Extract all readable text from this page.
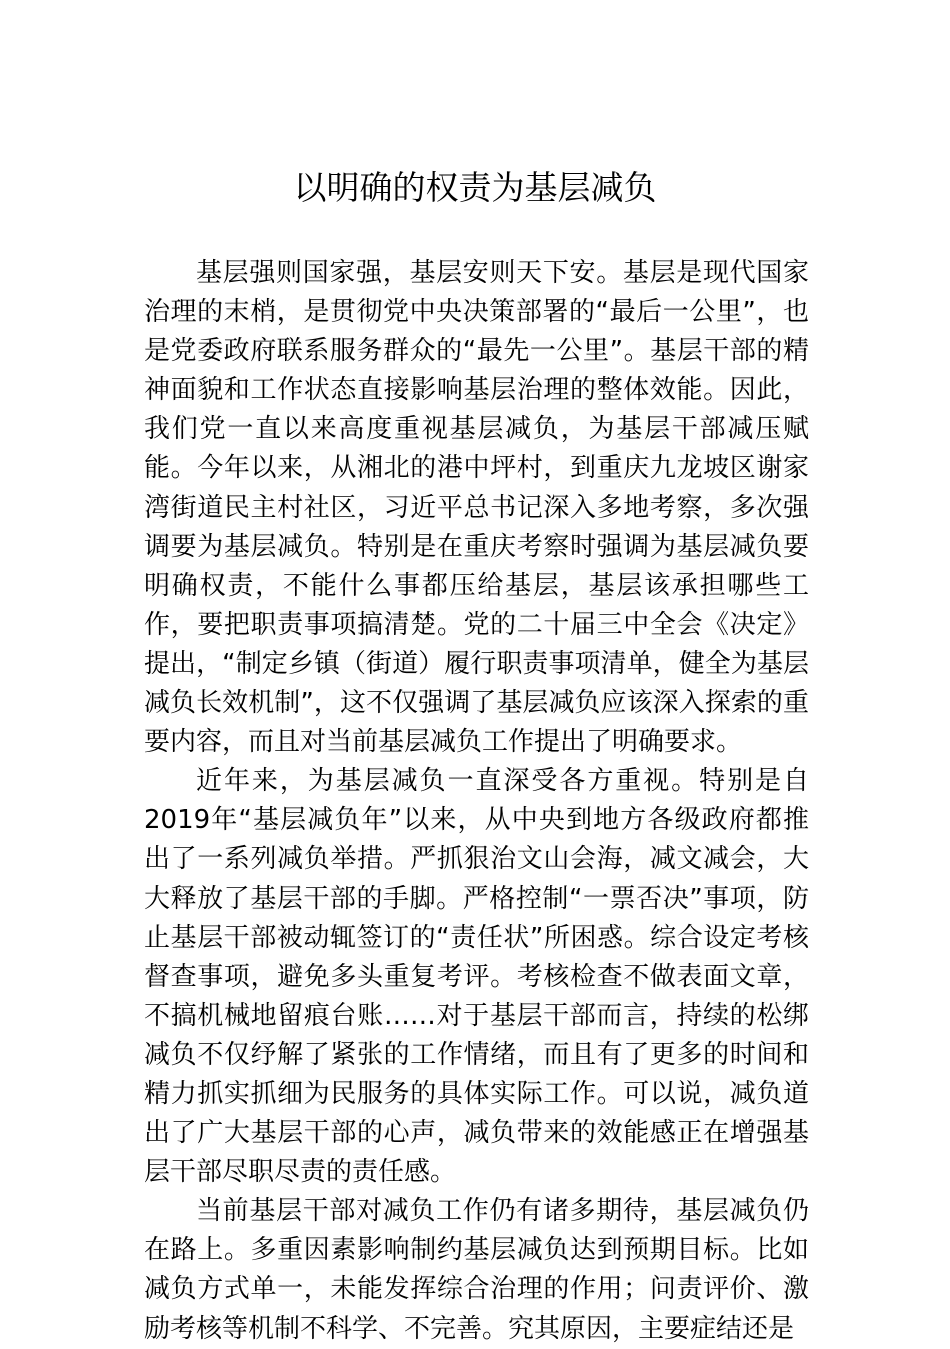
以明确的权责为基层减负

基层强则国家强，基层安则天下安。基层是现代国家治理的末梢，是贯彻党中央决策部署的“最后一公里”，也是党委政府联系服务群众的“最先一公里”。基层干部的精神面貌和工作状态直接影响基层治理的整体效能。因此，我们党一直以来高度重视基层减负，为基层干部减压赋能。今年以来，从湘北的港中坪村，到重庆九龙坡区谢家湾街道民主村社区，习近平总书记深入多地考察，多次强调要为基层减负。特别是在重庆考察时强调为基层减负要明确权责，不能什么事都压给基层，基层该承担哪些工作，要把职责事项搞清楚。党的二十届三中全会《决定》提出，“制定乡镇（街道）履行职责事项清单，健全为基层减负长效机制”，这不仅强调了基层减负应该深入探索的重要内容，而且对当前基层减负工作提出了明确要求。

近年来，为基层减负一直深受各方重视。特别是自2019年“基层减负年”以来，从中央到地方各级政府都推出了一系列减负举措。严抓狠治文山会海，减文减会，大大释放了基层干部的手脚。严格控制“一票否决”事项，防止基层干部被动辄签订的“责任状”所困惑。综合设定考核督查事项，避免多头重复考评。考核检查不做表面文章，不搞机械地留痕台账……对于基层干部而言，持续的松绑减负不仅纾解了紧张的工作情绪，而且有了更多的时间和精力抓实抓细为民服务的具体实际工作。可以说，减负道出了广大基层干部的心声，减负带来的效能感正在增强基层干部尽职尽责的责任感。

当前基层干部对减负工作仍有诸多期待，基层减负仍在路上。多重因素影响制约基层减负达到预期目标。比如减负方式单一，未能发挥综合治理的作用；问责评价、激励考核等机制不科学、不完善。究其原因，主要症结还是
